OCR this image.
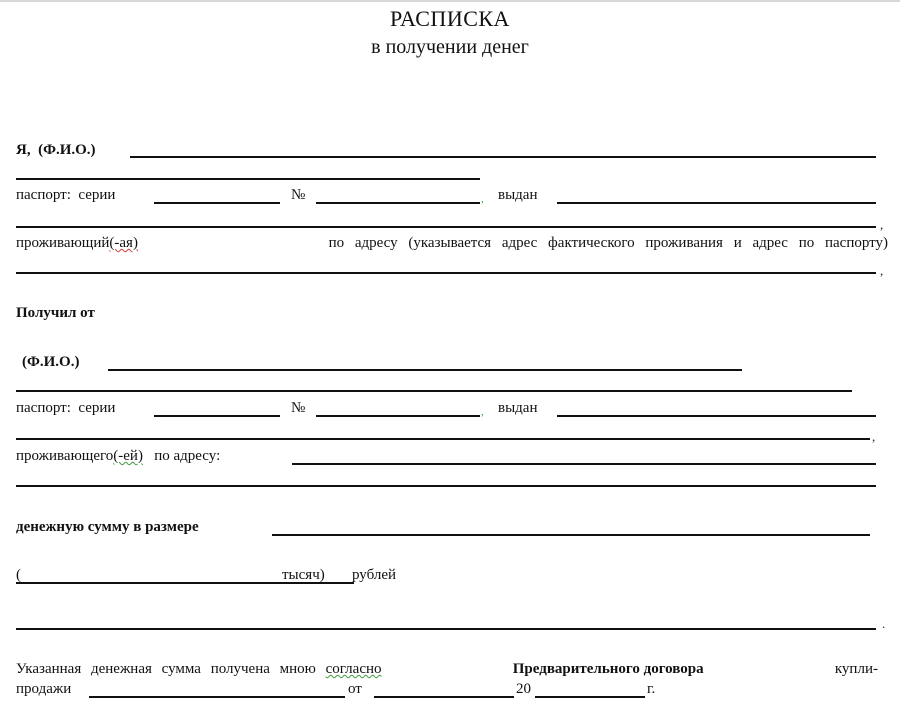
РАСПИСКА
в получении денег
Я, (Ф.И.О.)
паспорт: серии	№	, выдан
,
проживающий(-ая)	по адресу (указывается адрес фактического проживания и адрес по паспорту)
,
Получил от
(Ф.И.О.)
паспорт: серии	№	, выдан
,
проживающего(-ей) по адресу:
денежную сумму в размере
(	тысяч) рублей
.
Указанная денежная сумма получена мною согласно	Предварительного договора	купли-
продажи	от	20	г.
